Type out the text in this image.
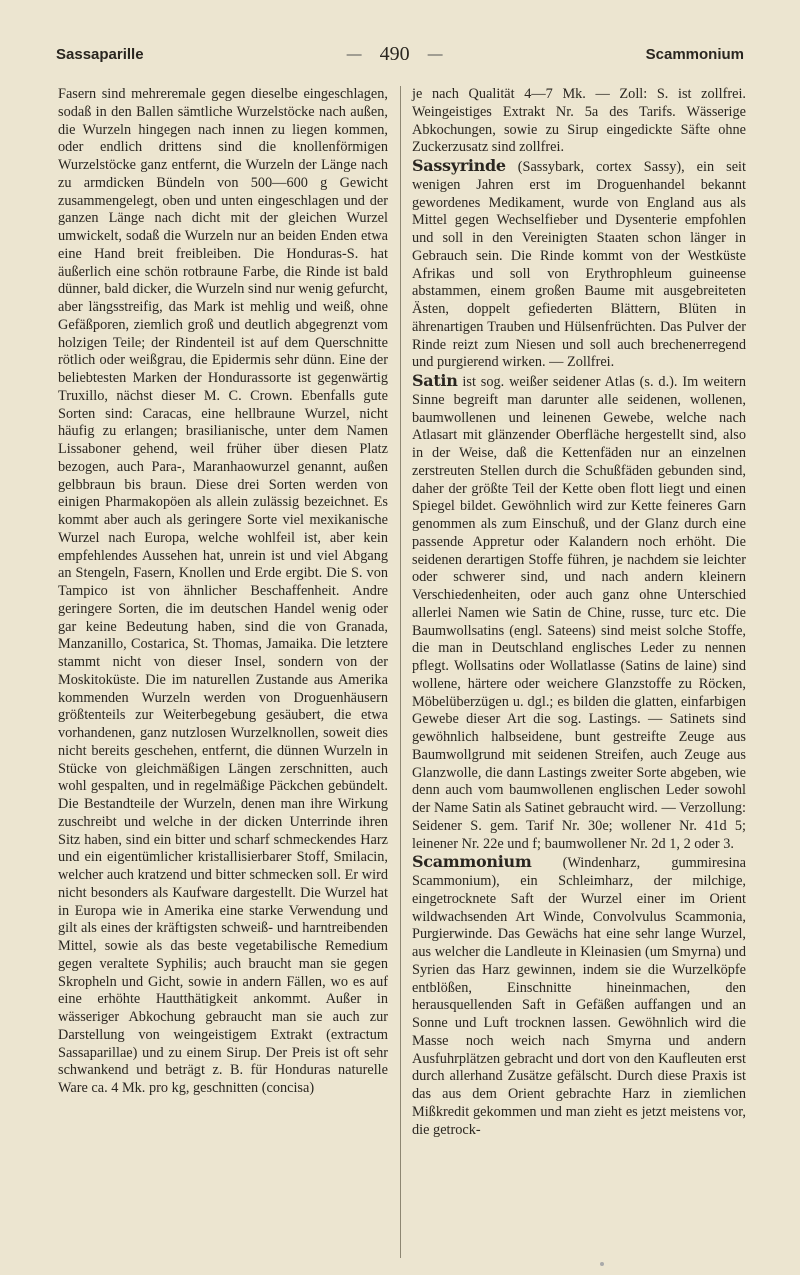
Sassaparille	— 490 —	Scammonium

Fasern sind mehreremale gegen dieselbe eingeschlagen, sodaß in den Ballen sämtliche Wurzelstöcke nach außen, die Wurzeln hingegen nach innen zu liegen kommen, oder endlich drittens sind die knollenförmigen Wurzelstöcke ganz entfernt, die Wurzeln der Länge nach zu armdicken Bündeln von 500—600 g Gewicht zusammengelegt, oben und unten eingeschlagen und der ganzen Länge nach dicht mit der gleichen Wurzel umwickelt, sodaß die Wurzeln nur an beiden Enden etwa eine Hand breit freibleiben. Die Honduras-S. hat äußerlich eine schön rotbraune Farbe, die Rinde ist bald dünner, bald dicker, die Wurzeln sind nur wenig gefurcht, aber längsstreifig, das Mark ist mehlig und weiß, ohne Gefäßporen, ziemlich groß und deutlich abgegrenzt vom holzigen Teile; der Rindenteil ist auf dem Querschnitte rötlich oder weißgrau, die Epidermis sehr dünn. Eine der beliebtesten Marken der Hondurassorte ist gegenwärtig Truxillo, nächst dieser M. C. Crown. Ebenfalls gute Sorten sind: Caracas, eine hellbraune Wurzel, nicht häufig zu erlangen; brasilianische, unter dem Namen Lissaboner gehend, weil früher über diesen Platz bezogen, auch Para-, Maranhaowurzel genannt, außen gelbbraun bis braun. Diese drei Sorten werden von einigen Pharmakopöen als allein zulässig bezeichnet. Es kommt aber auch als geringere Sorte viel mexikanische Wurzel nach Europa, welche wohlfeil ist, aber kein empfehlendes Aussehen hat, unrein ist und viel Abgang an Stengeln, Fasern, Knollen und Erde ergibt. Die S. von Tampico ist von ähnlicher Beschaffenheit. Andre geringere Sorten, die im deutschen Handel wenig oder gar keine Bedeutung haben, sind die von Granada, Manzanillo, Costarica, St. Thomas, Jamaika. Die letztere stammt nicht von dieser Insel, sondern von der Moskitoküste. Die im naturellen Zustande aus Amerika kommenden Wurzeln werden von Droguenhäusern größtenteils zur Weiterbegebung gesäubert, die etwa vorhandenen, ganz nutzlosen Wurzelknollen, soweit dies nicht bereits geschehen, entfernt, die dünnen Wurzeln in Stücke von gleichmäßigen Längen zerschnitten, auch wohl gespalten, und in regelmäßige Päckchen gebündelt. Die Bestandteile der Wurzeln, denen man ihre Wirkung zuschreibt und welche in der dicken Unterrinde ihren Sitz haben, sind ein bitter und scharf schmeckendes Harz und ein eigentümlicher kristallisierbarer Stoff, Smilacin, welcher auch kratzend und bitter schmecken soll. Er wird nicht besonders als Kaufware dargestellt. Die Wurzel hat in Europa wie in Amerika eine starke Verwendung und gilt als eines der kräftigsten schweiß- und harntreibenden Mittel, sowie als das beste vegetabilische Remedium gegen veraltete Syphilis; auch braucht man sie gegen Skropheln und Gicht, sowie in andern Fällen, wo es auf eine erhöhte Hautthätigkeit ankommt. Außer in wässeriger Abkochung gebraucht man sie auch zur Darstellung von weingeistigem Extrakt (extractum Sassaparillae) und zu einem Sirup. Der Preis ist oft sehr schwankend und beträgt z. B. für Honduras naturelle Ware ca. 4 Mk. pro kg, geschnitten (concisa)

je nach Qualität 4—7 Mk. — Zoll: S. ist zollfrei. Weingeistiges Extrakt Nr. 5a des Tarifs. Wässerige Abkochungen, sowie zu Sirup eingedickte Säfte ohne Zuckerzusatz sind zollfrei.

Sassyrinde (Sassybark, cortex Sassy), ein seit wenigen Jahren erst im Droguenhandel bekannt gewordenes Medikament, wurde von England aus als Mittel gegen Wechselfieber und Dysenterie empfohlen und soll in den Vereinigten Staaten schon länger in Gebrauch sein. Die Rinde kommt von der Westküste Afrikas und soll von Erythrophleum guineense abstammen, einem großen Baume mit ausgebreiteten Ästen, doppelt gefiederten Blättern, Blüten in ährenartigen Trauben und Hülsenfrüchten. Das Pulver der Rinde reizt zum Niesen und soll auch brechenerregend und purgierend wirken. — Zollfrei.

Satin ist sog. weißer seidener Atlas (s. d.). Im weitern Sinne begreift man darunter alle seidenen, wollenen, baumwollenen und leinenen Gewebe, welche nach Atlasart mit glänzender Oberfläche hergestellt sind, also in der Weise, daß die Kettenfäden nur an einzelnen zerstreuten Stellen durch die Schußfäden gebunden sind, daher der größte Teil der Kette oben flott liegt und einen Spiegel bildet. Gewöhnlich wird zur Kette feineres Garn genommen als zum Einschuß, und der Glanz durch eine passende Appretur oder Kalandern noch erhöht. Die seidenen derartigen Stoffe führen, je nachdem sie leichter oder schwerer sind, und nach andern kleinern Verschiedenheiten, oder auch ganz ohne Unterschied allerlei Namen wie Satin de Chine, russe, turc etc. Die Baumwollsatins (engl. Sateens) sind meist solche Stoffe, die man in Deutschland englisches Leder zu nennen pflegt. Wollsatins oder Wollatlasse (Satins de laine) sind wollene, härtere oder weichere Glanzstoffe zu Röcken, Möbelüberzügen u. dgl.; es bilden die glatten, einfarbigen Gewebe dieser Art die sog. Lastings. — Satinets sind gewöhnlich halbseidene, bunt gestreifte Zeuge aus Baumwollgrund mit seidenen Streifen, auch Zeuge aus Glanzwolle, die dann Lastings zweiter Sorte abgeben, wie denn auch vom baumwollenen englischen Leder sowohl der Name Satin als Satinet gebraucht wird. — Verzollung: Seidener S. gem. Tarif Nr. 30e; wollener Nr. 41d 5; leinener Nr. 22e und f; baumwollener Nr. 2d 1, 2 oder 3.

Scammonium (Windenharz, gummiresina Scammonium), ein Schleimharz, der milchige, eingetrocknete Saft der Wurzel einer im Orient wildwachsenden Art Winde, Convolvulus Scammonia, Purgierwinde. Das Gewächs hat eine sehr lange Wurzel, aus welcher die Landleute in Kleinasien (um Smyrna) und Syrien das Harz gewinnen, indem sie die Wurzelköpfe entblößen, Einschnitte hineinmachen, den herausquellenden Saft in Gefäßen auffangen und an Sonne und Luft trocknen lassen. Gewöhnlich wird die Masse noch weich nach Smyrna und andern Ausfuhrplätzen gebracht und dort von den Kaufleuten erst durch allerhand Zusätze gefälscht. Durch diese Praxis ist das aus dem Orient gebrachte Harz in ziemlichen Mißkredit gekommen und man zieht es jetzt meistens vor, die getrock-
